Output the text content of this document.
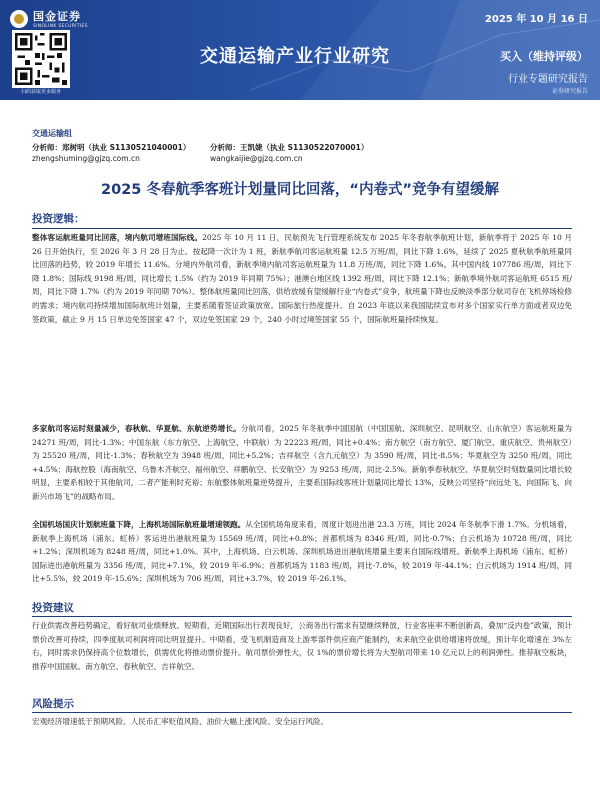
国金证券
SINOLINK SECURITIES
扫码获取更多服务
2025 年 10 月 16 日
交通运输产业行业研究	买入（维持评级）
行业专题研究报告
证券研究报告
交通运输组
分析师：郑树明（执业 S1130521040001）
zhengshuming@gjzq.com.cn
分析师：王凯婕（执业 S1130522070001）
wangkaijie@gjzq.com.cn
2025 冬春航季客班计划量同比回落，“内卷式”竞争有望缓解
投资逻辑：
整体客运航班量同比回落，境内航司增班国际线。2025 年 10 月 11 日，民航预先飞行管理系统发布 2025 年冬春航季航班计划，新航季将于 2025 年 10 月 26 日开始执行，至 2026 年 3 月 28 日为止。按起降一次计为 1 班，新航季航司客运航班量 12.5 万班/周，同比下降 1.6%，延续了 2025 夏秋航季航班量同比回落的趋势，较 2019 年增长 11.6%。分境内外航司看，新航季境内航司客运航班量为 11.8 万班/周，同比下降 1.6%。其中国内线 107786 班/周，同比下降 1.8%；国际线 9198 班/周，同比增长 1.5%（约为 2019 年同期 75%）；港澳台地区线 1392 班/周，同比下降 12.1%；新航季境外航司客运航班 6515 班/周，同比下降 1.7%（约为 2019 年同期 70%）。整体航班量同比回落，供给放缓有望缓解行业“内卷式”竞争，航班量下降也反映淡季部分航司存在飞机停场检修的需求；境内航司持续增加国际航班计划量，主要系随着签证政策放宽。国际旅行热度提升。自 2023 年底以来我国陆续宣布对多个国家实行单方面或者双边免签政策，截止 9 月 15 日单边免签国家 47 个，双边免签国家 29 个，240 小时过境签国家 55 个，国际航班量持续恢复。
多家航司客运时刻量减少，春秋航、华夏航、东航逆势增长。分航司看，2025 年冬航季中国国航（中国国航、深圳航空、昆明航空、山东航空）客运航班量为 24271 班/周，同比-1.3%；中国东航（东方航空、上海航空、中联航）为 22223 班/周，同比+0.4%；南方航空（南方航空、厦门航空、重庆航空、贵州航空）为 25520 班/周，同比-1.3%；春秋航空为 3948 班/周，同比+5.2%；吉祥航空（含九元航空）为 3590 班/周，同比-8.5%；华夏航空为 3250 班/周，同比+4.5%；海航控股（海南航空、乌鲁木齐航空、福州航空、祥鹏航空、长安航空）为 9253 班/周，同比-2.5%。新航季春秋航空、华夏航空时刻数量同比增长较明显，主要系相较于其他航司，二者产能利时充裕；东航整体航班量逆势提升，主要系国际线客班计划量同比增长 13%，反映公司坚持“向远处飞、向国际飞、向新兴市场飞”的战略布局。
全国机场国庆计划航班量下降，上海机场国际航班量增速领跑。从全国机场角度来看，周度计划进出港 23.3 万班，同比 2024 年冬航季下滑 1.7%。分机场看，新航季上海机场（浦东、虹桥）客运进出港航班量为 15569 班/周，同比+0.8%；首都机场为 8346 班/周，同比-0.7%；白云机场为 10728 班/周，同比+1.2%；深圳机场为 8248 班/周，同比+1.0%。其中，上海机场、白云机场、深圳机场进出港航班增量主要来自国际线增班。新航季上海机场（浦东、虹桥）国际进出港航班量为 3356 班/周，同比+7.1%，较 2019 年-6.9%；首都机场为 1183 班/周，同比-7.8%，较 2019 年-44.1%；白云机场为 1914 班/周，同比+5.5%，较 2019 年-15.6%；深圳机场为 706 班/周，同比+3.7%，较 2019 年-26.1%。
投资建议
行业供需改善趋势确定，看好航司业绩释放。短期看，近期国际出行表现良好，公商务出行需求有望继续释放，行业客座率不断创新高，叠加“反内卷”政策，预计票价改善可持续，四季度航司利润将同比明显提升。中期看，受飞机制造商及上游零部件供应商产能制约，未来航空业供给增速将放缓，预计年化增速在 3%左右，同时需求仍保持高个位数增长，供需优化将推动票价提升。航司票价弹性大，仅 1%的票价增长将为大型航司带来 10 亿元以上的利润弹性。推荐航空板块，推荐中国国航、南方航空、春秋航空、吉祥航空。
风险提示
宏观经济增速低于预期风险、人民币汇率贬值风险、油价大幅上涨风险、安全运行风险。
